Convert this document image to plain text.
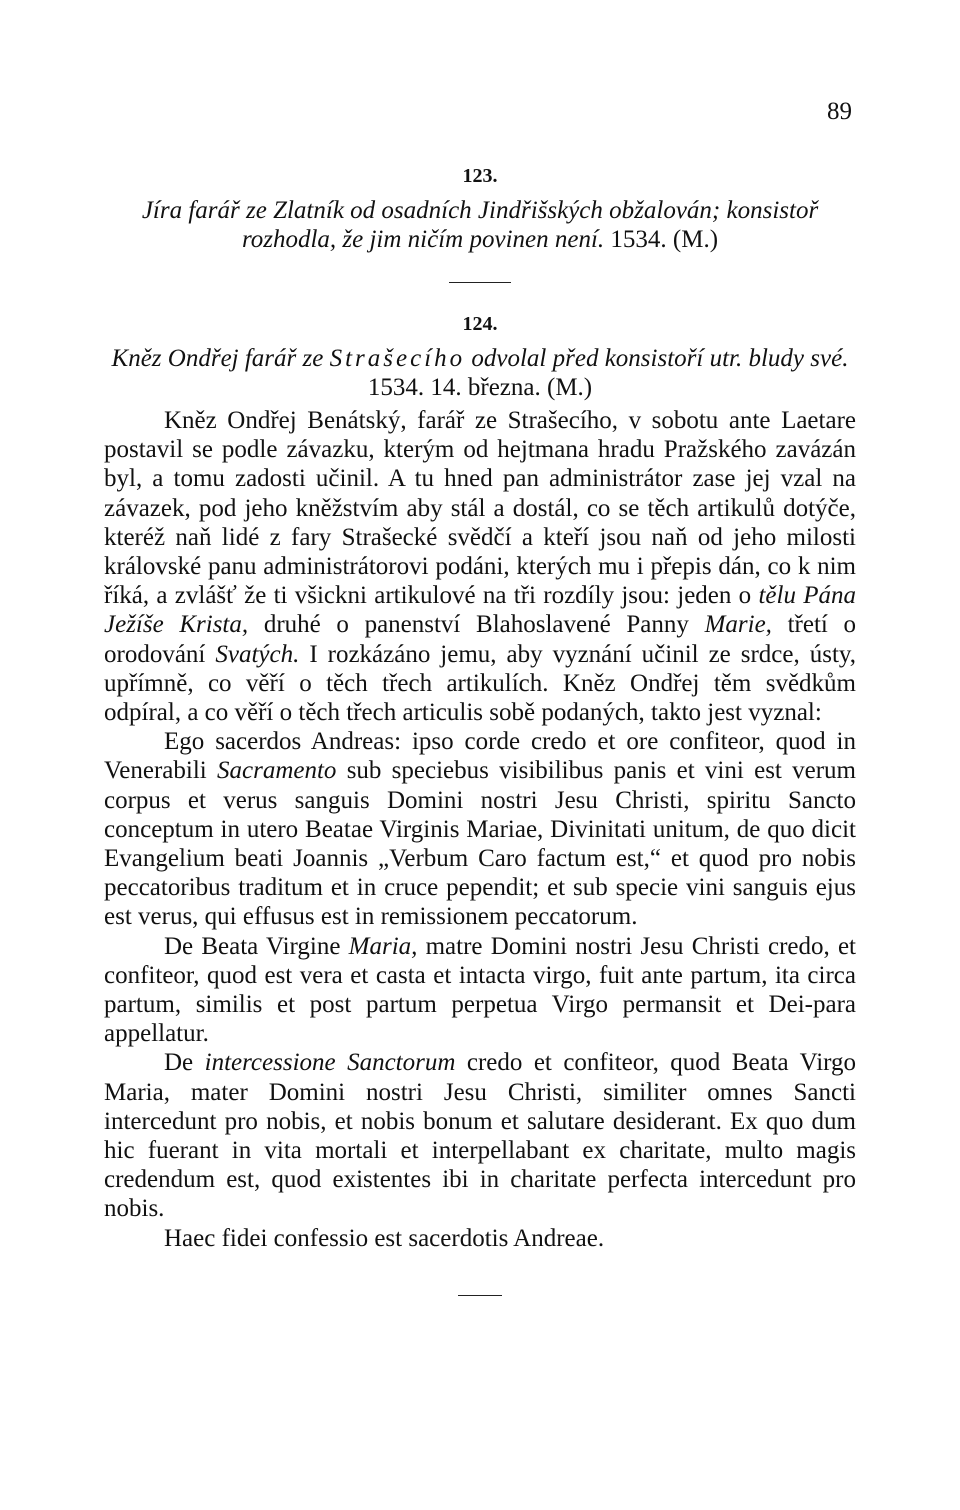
89
123.

Jíra farář ze Zlatník od osadních Jindřišských obžalován; konsistoř rozhodla, že jim ničím povinen není. 1534. (M.)

124.

Kněz Ondřej farář ze Strašecího odvolal před konsistoří utr. bludy své. 1534. 14. března. (M.)

Kněz Ondřej Benátský, farář ze Strašecího, v sobotu ante Laetare postavil se podle závazku, kterým od hejtmana hradu Pražského zavázán byl, a tomu zadosti učinil. A tu hned pan administrátor zase jej vzal na závazek, pod jeho kněžstvím aby stál a dostál, co se těch artikulů dotýče, kteréž naň lidé z fary Strašecké svědčí a kteří jsou naň od jeho milosti královské panu administrátorovi podáni, kterých mu i přepis dán, co k nim říká, a zvlášť že ti všickni artikulové na tři rozdíly jsou: jeden o tělu Pána Ježíše Krista, druhé o panenství Blahoslavené Panny Marie, třetí o orodování Svatých. I rozkázáno jemu, aby vyznání učinil ze srdce, ústy, upřímně, co věří o těch třech artikulích. Kněz Ondřej těm svědkům odpíral, a co věří o těch třech articulis sobě podaných, takto jest vyznal:

Ego sacerdos Andreas: ipso corde credo et ore confiteor, quod in Venerabili Sacramento sub speciebus visibilibus panis et vini est verum corpus et verus sanguis Domini nostri Jesu Christi, spiritu Sancto conceptum in utero Beatae Virginis Mariae, Divinitati unitum, de quo dicit Evangelium beati Joannis „Verbum Caro factum est,“ et quod pro nobis peccatoribus traditum et in cruce pependit; et sub specie vini sanguis ejus est verus, qui effusus est in remissionem peccatorum.

De Beata Virgine Maria, matre Domini nostri Jesu Christi credo, et confiteor, quod est vera et casta et intacta virgo, fuit ante partum, ita circa partum, similis et post partum perpetua Virgo permansit et Dei-para appellatur.

De intercessione Sanctorum credo et confiteor, quod Beata Virgo Maria, mater Domini nostri Jesu Christi, similiter omnes Sancti intercedunt pro nobis, et nobis bonum et salutare desiderant. Ex quo dum hic fuerant in vita mortali et interpellabant ex charitate, multo magis credendum est, quod existentes ibi in charitate perfecta intercedunt pro nobis.

Haec fidei confessio est sacerdotis Andreae.
